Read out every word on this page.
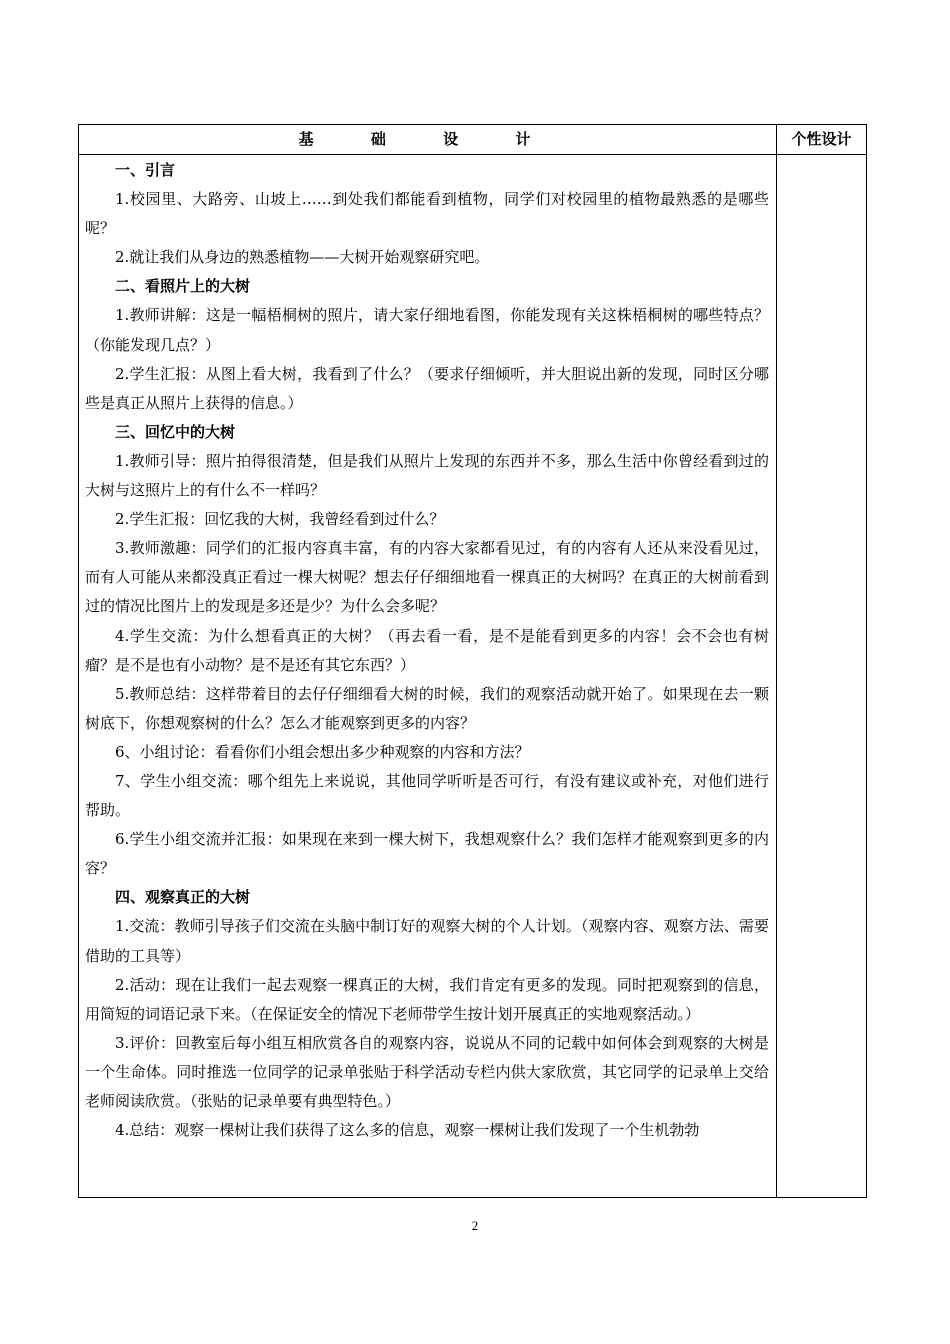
基 础 设 计	个性设计

一、引言

1.校园里、大路旁、山坡上……到处我们都能看到植物，同学们对校园里的植物最熟悉的是哪些呢？

2.就让我们从身边的熟悉植物——大树开始观察研究吧。

二、看照片上的大树

1.教师讲解：这是一幅梧桐树的照片，请大家仔细地看图，你能发现有关这株梧桐树的哪些特点？（你能发现几点？）

2.学生汇报：从图上看大树，我看到了什么？（要求仔细倾听，并大胆说出新的发现，同时区分哪些是真正从照片上获得的信息。）

三、回忆中的大树

1.教师引导：照片拍得很清楚，但是我们从照片上发现的东西并不多，那么生活中你曾经看到过的大树与这照片上的有什么不一样吗？

2.学生汇报：回忆我的大树，我曾经看到过什么？

3.教师激趣：同学们的汇报内容真丰富，有的内容大家都看见过，有的内容有人还从来没看见过，而有人可能从来都没真正看过一棵大树呢？想去仔仔细细地看一棵真正的大树吗？在真正的大树前看到过的情况比图片上的发现是多还是少？为什么会多呢？

4.学生交流：为什么想看真正的大树？（再去看一看，是不是能看到更多的内容！会不会也有树瘤？是不是也有小动物？是不是还有其它东西？）

5.教师总结：这样带着目的去仔仔细细看大树的时候，我们的观察活动就开始了。如果现在去一颗树底下，你想观察树的什么？怎么才能观察到更多的内容？

6、小组讨论：看看你们小组会想出多少种观察的内容和方法？

7、学生小组交流：哪个组先上来说说，其他同学听听是否可行，有没有建议或补充，对他们进行帮助。

6.学生小组交流并汇报：如果现在来到一棵大树下，我想观察什么？我们怎样才能观察到更多的内容？

四、观察真正的大树

1.交流：教师引导孩子们交流在头脑中制订好的观察大树的个人计划。（观察内容、观察方法、需要借助的工具等）

2.活动：现在让我们一起去观察一棵真正的大树，我们肯定有更多的发现。同时把观察到的信息，用简短的词语记录下来。（在保证安全的情况下老师带学生按计划开展真正的实地观察活动。）

3.评价：回教室后每小组互相欣赏各自的观察内容，说说从不同的记载中如何体会到观察的大树是一个生命体。同时推选一位同学的记录单张贴于科学活动专栏内供大家欣赏，其它同学的记录单上交给老师阅读欣赏。（张贴的记录单要有典型特色。）

4.总结：观察一棵树让我们获得了这么多的信息，观察一棵树让我们发现了一个生机勃勃

2
